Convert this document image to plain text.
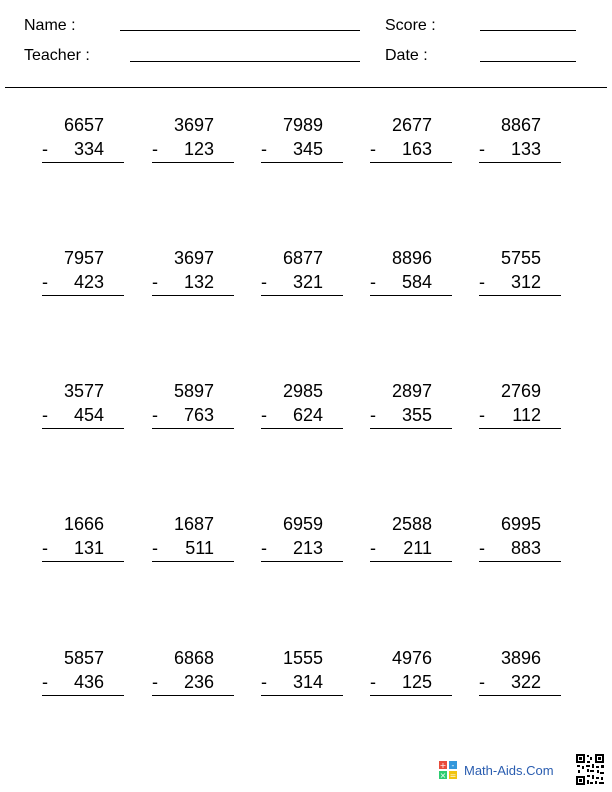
Name :	Score :
Teacher :	Date :
6657
- 334
3697
- 123
7989
- 345
2677
- 163
8867
- 133
7957
- 423
3697
- 132
6877
- 321
8896
- 584
5755
- 312
3577
- 454
5897
- 763
2985
- 624
2897
- 355
2769
- 112
1666
- 131
1687
- 511
6959
- 213
2588
- 211
6995
- 883
5857
- 436
6868
- 236
1555
- 314
4976
- 125
3896
- 322
+ -
× = Math-Aids.Com
